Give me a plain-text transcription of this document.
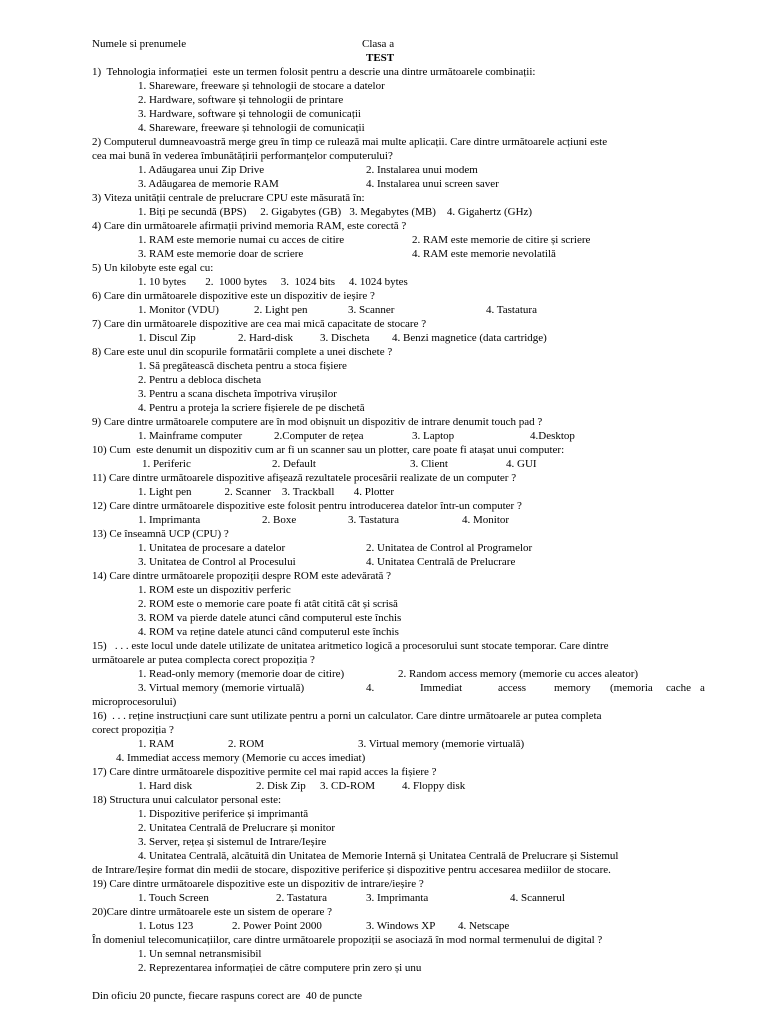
Numele si prenumele	Clasa a
TEST
1)  Tehnologia informației  este un termen folosit pentru a descrie una dintre următoarele combinații:
1. Shareware, freeware și tehnologii de stocare a datelor
2. Hardware, software și tehnologii de printare
3. Hardware, software și tehnologii de comunicații
4. Shareware, freeware și tehnologii de comunicații
2) Computerul dumneavoastră merge greu în timp ce rulează mai multe aplicații. Care dintre următoarele acțiuni este
cea mai bună în vederea îmbunătățirii performanțelor computerului?
1. Adăugarea unui Zip Drive	2. Instalarea unui modem
3. Adăugarea de memorie RAM	4. Instalarea unui screen saver
3) Viteza unității centrale de prelucrare CPU este măsurată în:
1. Biți pe secundă (BPS)     2. Gigabytes (GB)   3. Megabytes (MB)    4. Gigahertz (GHz)
4) Care din următoarele afirmații privind memoria RAM, este corectă ?
1. RAM este memorie numai cu acces de citire	2. RAM este memorie de citire și scriere
3. RAM este memorie doar de scriere	4. RAM este memorie nevolatilă
5) Un kilobyte este egal cu:
1. 10 bytes       2.  1000 bytes     3.  1024 bits     4. 1024 bytes
6) Care din următoarele dispozitive este un dispozitiv de ieșire ?
1. Monitor (VDU)	2. Light pen	3. Scanner	4. Tastatura
7) Care din următoarele dispozitive are cea mai mică capacitate de stocare ?
1. Discul Zip	2. Hard-disk 3. Discheta 4. Benzi magnetice (data cartridge)
8) Care este unul din scopurile formatării complete a unei dischete ?
1. Să pregătească discheta pentru a stoca fișiere
2. Pentru a debloca discheta
3. Pentru a scana discheta împotriva virușilor
4. Pentru a proteja la scriere fișierele de pe dischetă
9) Care dintre următoarele computere are în mod obișnuit un dispozitiv de intrare denumit touch pad ?
1. Mainframe computer	2.Computer de rețea	3. Laptop	4.Desktop
10) Cum  este denumit un dispozitiv cum ar fi un scanner sau un plotter, care poate fi atașat unui computer:
1. Periferic	2. Default	3. Client	4. GUI
11) Care dintre următoarele dispozitive afișează rezultatele procesării realizate de un computer ?
1. Light pen            2. Scanner    3. Trackball       4. Plotter
12) Care dintre următoarele dispozitive este folosit pentru introducerea datelor într-un computer ?
1. Imprimanta	2. Boxe	3. Tastatura	4. Monitor
13) Ce înseamnă UCP (CPU) ?
1. Unitatea de procesare a datelor	2. Unitatea de Control al Programelor
3. Unitatea de Control al Procesului	4. Unitatea Centrală de Prelucrare
14) Care dintre următoarele propoziții despre ROM este adevărată ?
1. ROM este un dispozitiv perferic
2. ROM este o memorie care poate fi atât citită cât și scrisă
3. ROM va pierde datele atunci când computerul este închis
4. ROM va reține datele atunci când computerul este închis
15)   . . . este locul unde datele utilizate de unitatea aritmetico logică a procesorului sunt stocate temporar. Care dintre
următoarele ar putea complecta corect propoziția ?
1. Read-only memory (memorie doar de citire)	2. Random access memory (memorie cu acces aleator)
3. Virtual memory (memorie virtuală)	4.	Immediat	access	memory (memoria cache a
microprocesorului)
16)  . . . reține instrucțiuni care sunt utilizate pentru a porni un calculator. Care dintre următoarele ar putea completa
corect propoziția ?
1. RAM	2. ROM	3. Virtual memory (memorie virtuală)
4. Immediat access memory (Memorie cu acces imediat)
17) Care dintre următoarele dispozitive permite cel mai rapid acces la fișiere ?
1. Hard disk	2. Disk Zip 3. CD-ROM 4. Floppy disk
18) Structura unui calculator personal este:
1. Dispozitive periferice și imprimantă
2. Unitatea Centrală de Prelucrare și monitor
3. Server, rețea și sistemul de Intrare/Ieșire
4. Unitatea Centrală, alcătuită din Unitatea de Memorie Internă și Unitatea Centrală de Prelucrare și Sistemul
de Intrare/Ieșire format din medii de stocare, dispozitive periferice și dispozitive pentru accesarea mediilor de stocare.
19) Care dintre următoarele dispozitive este un dispozitiv de intrare/ieșire ?
1. Touch Screen	2. Tastatura	3. Imprimanta	4. Scannerul
20)Care dintre următoarele este un sistem de operare ?
1. Lotus 123	2. Power Point 2000	3. Windows XP 4. Netscape
În domeniul telecomunicațiilor, care dintre următoarele propoziții se asociază în mod normal termenului de digital ?
1. Un semnal netransmisibil
2. Reprezentarea informației de către computere prin zero și unu
Din oficiu 20 puncte, fiecare raspuns corect are  40 de puncte
